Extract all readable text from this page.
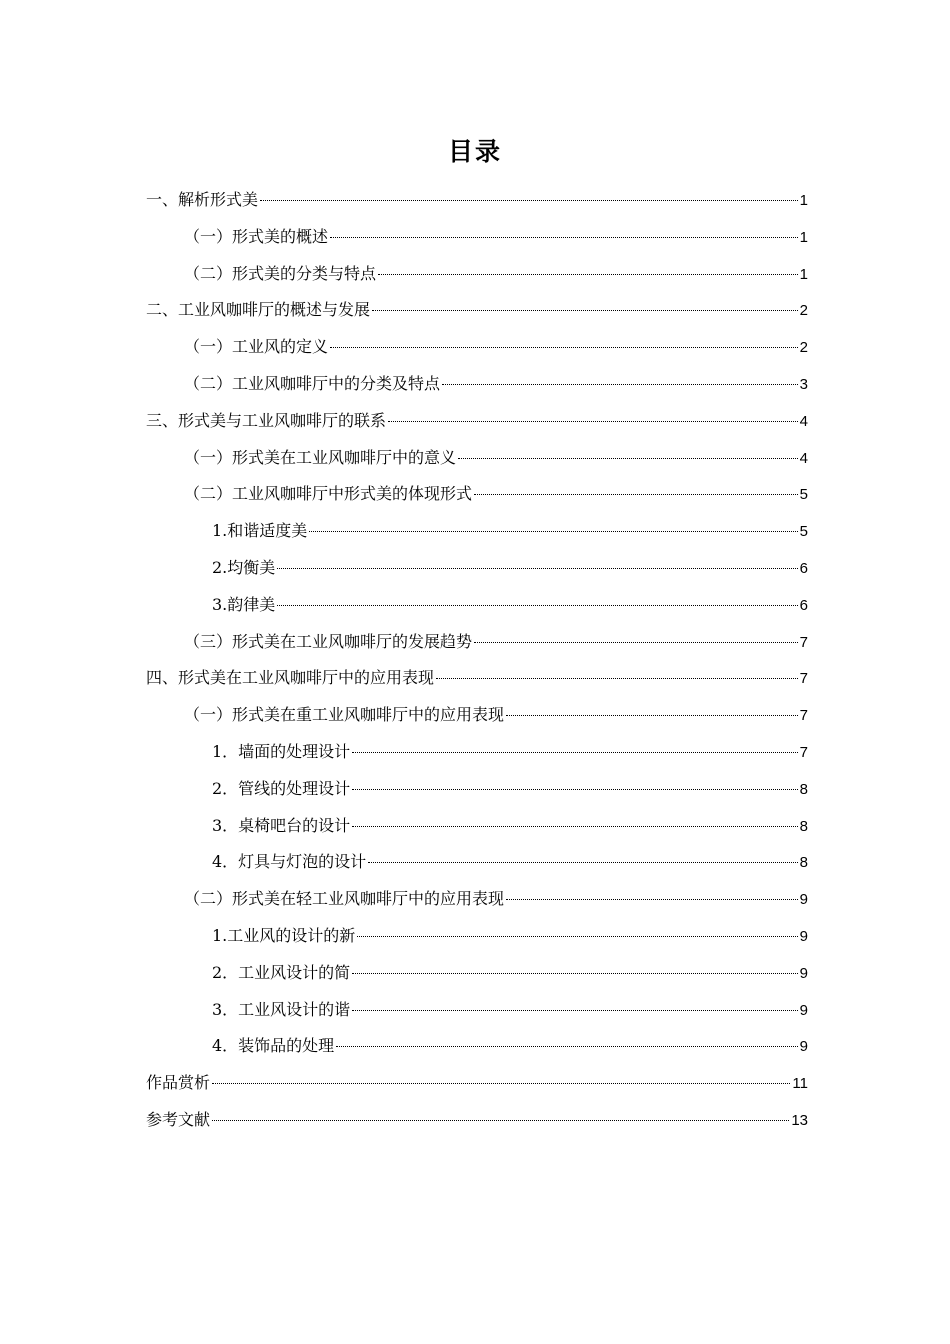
目录
一、解析形式美	1
（一）形式美的概述	1
（二）形式美的分类与特点	1
二、工业风咖啡厅的概述与发展	2
（一）工业风的定义	2
（二）工业风咖啡厅中的分类及特点	3
三、形式美与工业风咖啡厅的联系	4
（一）形式美在工业风咖啡厅中的意义	4
（二）工业风咖啡厅中形式美的体现形式	5
1.和谐适度美	5
2.均衡美	6
3.韵律美	6
（三）形式美在工业风咖啡厅的发展趋势	7
四、形式美在工业风咖啡厅中的应用表现	7
（一）形式美在重工业风咖啡厅中的应用表现	7
1．墙面的处理设计	7
2．管线的处理设计	8
3．桌椅吧台的设计	8
4．灯具与灯泡的设计	8
（二）形式美在轻工业风咖啡厅中的应用表现	9
1.工业风的设计的新	9
2．工业风设计的简	9
3．工业风设计的谐	9
4．装饰品的处理	9
作品赏析	11
参考文献	13
